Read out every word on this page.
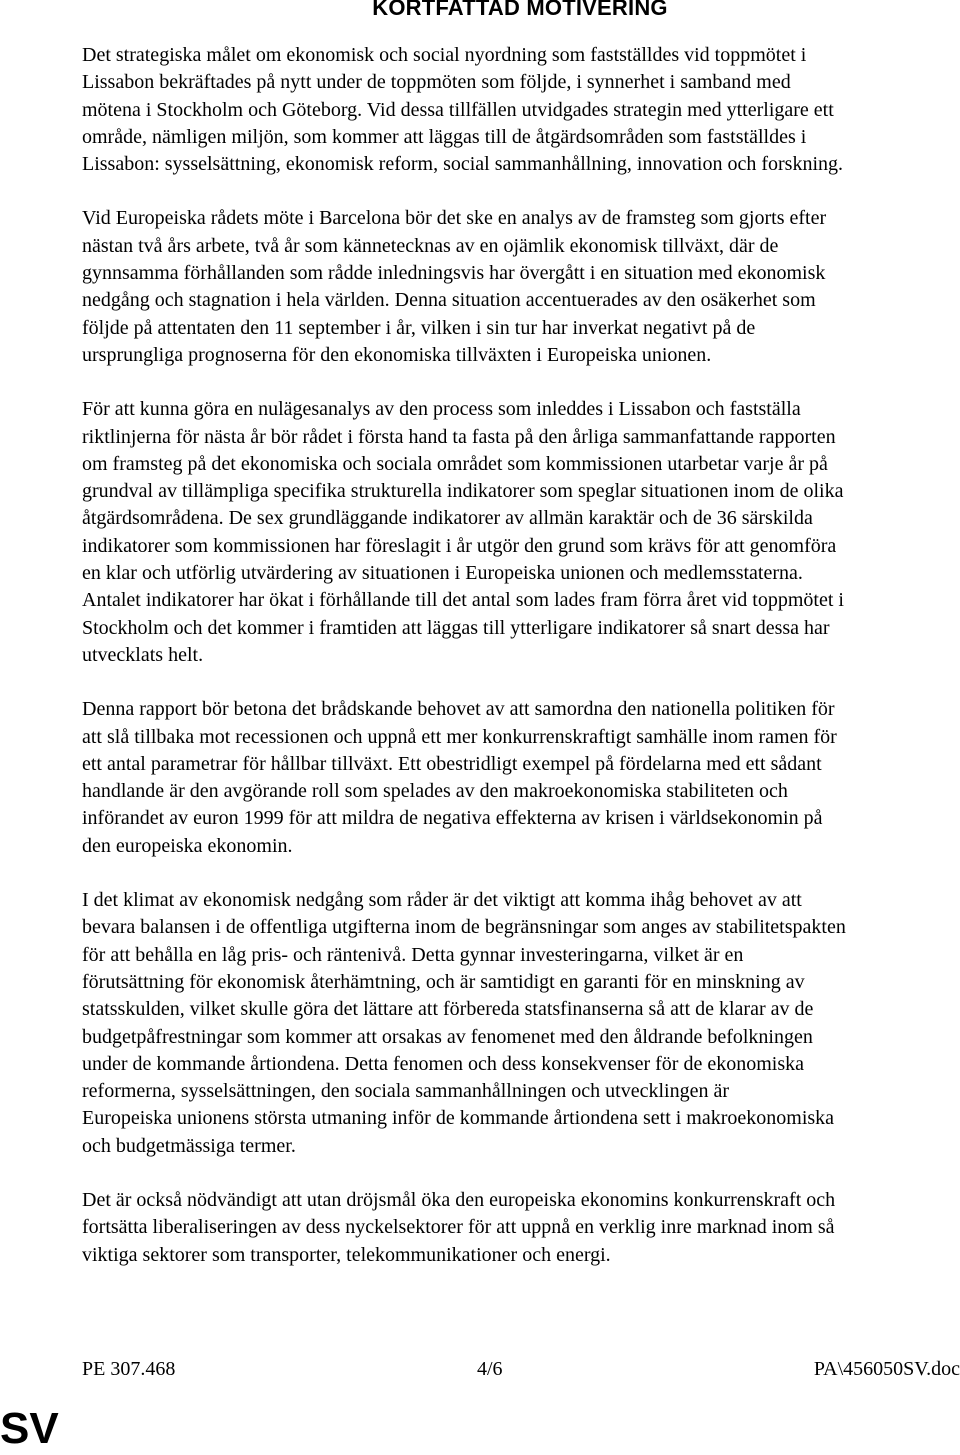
KORTFATTAD MOTIVERING

Det strategiska målet om ekonomisk och social nyordning som fastställdes vid toppmötet i
Lissabon bekräftades på nytt under de toppmöten som följde, i synnerhet i samband med
mötena i Stockholm och Göteborg. Vid dessa tillfällen utvidgades strategin med ytterligare ett
område, nämligen miljön, som kommer att läggas till de åtgärdsområden som fastställdes i
Lissabon: sysselsättning, ekonomisk reform, social sammanhållning, innovation och forskning.

Vid Europeiska rådets möte i Barcelona bör det ske en analys av de framsteg som gjorts efter
nästan två års arbete, två år som kännetecknas av en ojämlik ekonomisk tillväxt, där de
gynnsamma förhållanden som rådde inledningsvis har övergått i en situation med ekonomisk
nedgång och stagnation i hela världen. Denna situation accentuerades av den osäkerhet som
följde på attentaten den 11 september i år, vilken i sin tur har inverkat negativt på de
ursprungliga prognoserna för den ekonomiska tillväxten i Europeiska unionen.

För att kunna göra en nulägesanalys av den process som inleddes i Lissabon och fastställa
riktlinjerna för nästa år bör rådet i första hand ta fasta på den årliga sammanfattande rapporten
om framsteg på det ekonomiska och sociala området som kommissionen utarbetar varje år på
grundval av tillämpliga specifika strukturella indikatorer som speglar situationen inom de olika
åtgärdsområdena. De sex grundläggande indikatorer av allmän karaktär och de 36 särskilda
indikatorer som kommissionen har föreslagit i år utgör den grund som krävs för att genomföra
en klar och utförlig utvärdering av situationen i Europeiska unionen och medlemsstaterna.
Antalet indikatorer har ökat i förhållande till det antal som lades fram förra året vid toppmötet i
Stockholm och det kommer i framtiden att läggas till ytterligare indikatorer så snart dessa har
utvecklats helt.

Denna rapport bör betona det brådskande behovet av att samordna den nationella politiken för
att slå tillbaka mot recessionen och uppnå ett mer konkurrenskraftigt samhälle inom ramen för
ett antal parametrar för hållbar tillväxt. Ett obestridligt exempel på fördelarna med ett sådant
handlande är den avgörande roll som spelades av den makroekonomiska stabiliteten och
införandet av euron 1999 för att mildra de negativa effekterna av krisen i världsekonomin på
den europeiska ekonomin.

I det klimat av ekonomisk nedgång som råder är det viktigt att komma ihåg behovet av att
bevara balansen i de offentliga utgifterna inom de begränsningar som anges av stabilitetspakten
för att behålla en låg pris- och räntenivå. Detta gynnar investeringarna, vilket är en
förutsättning för ekonomisk återhämtning, och är samtidigt en garanti för en minskning av
statsskulden, vilket skulle göra det lättare att förbereda statsfinanserna så att de klarar av de
budgetpåfrestningar som kommer att orsakas av fenomenet med den åldrande befolkningen
under de kommande årtiondena. Detta fenomen och dess konsekvenser för de ekonomiska
reformerna, sysselsättningen, den sociala sammanhållningen och utvecklingen är
Europeiska unionens största utmaning inför de kommande årtiondena sett i makroekonomiska
och budgetmässiga termer.

Det är också nödvändigt att utan dröjsmål öka den europeiska ekonomins konkurrenskraft och
fortsätta liberaliseringen av dess nyckelsektorer för att uppnå en verklig inre marknad inom så
viktiga sektorer som transporter, telekommunikationer och energi.

PE 307.468	4/6	PA\456050SV.doc
SV
